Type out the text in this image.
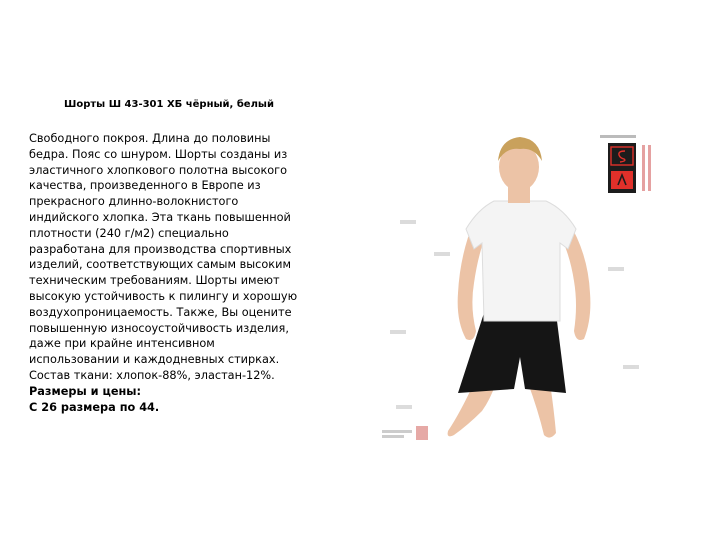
Шорты Ш 43-301 ХБ чёрный, белый

Свободного покроя. Длина до половины бедра. Пояс со шнуром. Шорты созданы из эластичного хлопкового полотна высокого качества, произведенного в Европе из прекрасного длинно-волокнистого индийского хлопка. Эта ткань повышенной плотности (240 г/м2) специально разработана для производства спортивных изделий, соответствующих самым высоким техническим требованиям. Шорты имеют высокую устойчивость к пилингу и хорошую воздухопроницаемость. Также, Вы оцените повышенную износоустойчивость изделия, даже при крайне интенсивном использовании и каждодневных стирках. Состав ткани: хлопок-88%, эластан-12%.

Размеры и цены:

С 26 размера по 44.
